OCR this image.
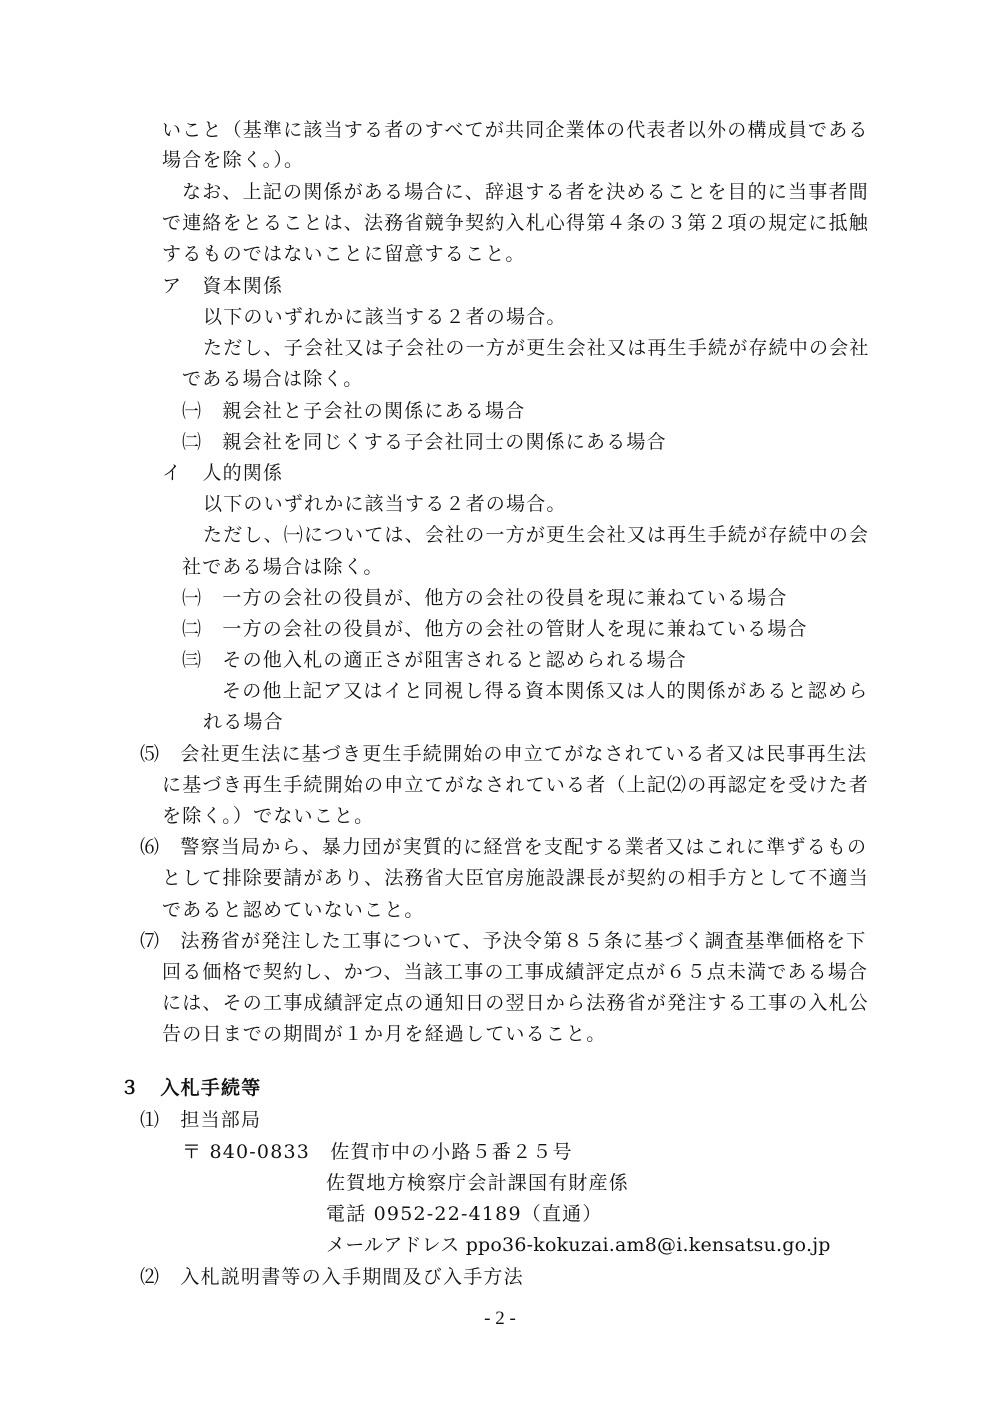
いこと（基準に該当する者のすべてが共同企業体の代表者以外の構成員である
場合を除く。）。
なお、上記の関係がある場合に、辞退する者を決めることを目的に当事者間
で連絡をとることは、法務省競争契約入札心得第４条の３第２項の規定に抵触
するものではないことに留意すること。
ア　資本関係
以下のいずれかに該当する２者の場合。
ただし、子会社又は子会社の一方が更生会社又は再生手続が存続中の会社
である場合は除く。
㈠　親会社と子会社の関係にある場合
㈡　親会社を同じくする子会社同士の関係にある場合
イ　人的関係
以下のいずれかに該当する２者の場合。
ただし、㈠については、会社の一方が更生会社又は再生手続が存続中の会
社である場合は除く。
㈠　一方の会社の役員が、他方の会社の役員を現に兼ねている場合
㈡　一方の会社の役員が、他方の会社の管財人を現に兼ねている場合
㈢　その他入札の適正さが阻害されると認められる場合
その他上記ア又はイと同視し得る資本関係又は人的関係があると認めら
れる場合
⑸　会社更生法に基づき更生手続開始の申立てがなされている者又は民事再生法
に基づき再生手続開始の申立てがなされている者（上記⑵の再認定を受けた者
を除く。）でないこと。
⑹　警察当局から、暴力団が実質的に経営を支配する業者又はこれに準ずるもの
として排除要請があり、法務省大臣官房施設課長が契約の相手方として不適当
であると認めていないこと。
⑺　法務省が発注した工事について、予決令第８５条に基づく調査基準価格を下
回る価格で契約し、かつ、当該工事の工事成績評定点が６５点未満である場合
には、その工事成績評定点の通知日の翌日から法務省が発注する工事の入札公
告の日までの期間が１か月を経過していること。
３　入札手続等
⑴　担当部局
〒 840-0833　佐賀市中の小路５番２５号
佐賀地方検察庁会計課国有財産係
電話 0952-22-4189（直通）
メールアドレス ppo36-kokuzai.am8@i.kensatsu.go.jp
⑵　入札説明書等の入手期間及び入手方法
- 2 -
